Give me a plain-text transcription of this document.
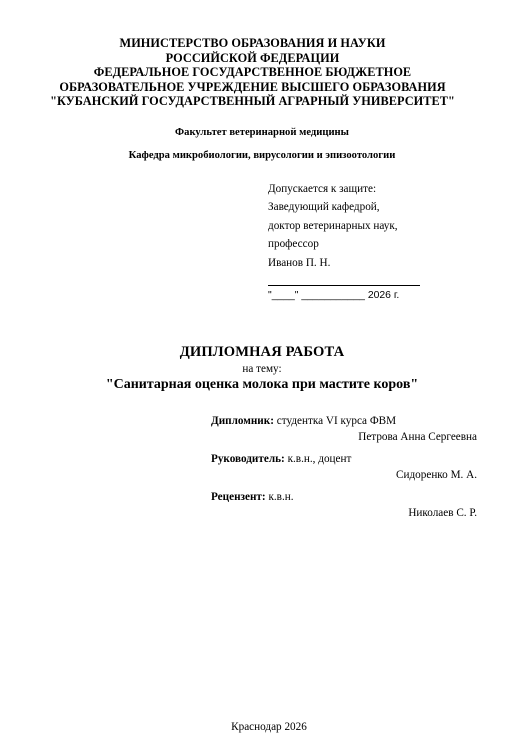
МИНИСТЕРСТВО ОБРАЗОВАНИЯ И НАУКИ
РОССИЙСКОЙ ФЕДЕРАЦИИ
ФЕДЕРАЛЬНОЕ ГОСУДАРСТВЕННОЕ БЮДЖЕТНОЕ
ОБРАЗОВАТЕЛЬНОЕ УЧРЕЖДЕНИЕ ВЫСШЕГО ОБРАЗОВАНИЯ
"КУБАНСКИЙ ГОСУДАРСТВЕННЫЙ АГРАРНЫЙ УНИВЕРСИТЕТ"
Факультет ветеринарной медицины
Кафедра микробиологии, вирусологии и эпизоотологии
Допускается к защите:
Заведующий кафедрой,
доктор ветеринарных наук,
профессор
Иванов П. Н.
"____" ___________ 2026 г.
ДИПЛОМНАЯ РАБОТА
на тему:
"Санитарная оценка молока при мастите коров"
Дипломник: студентка VI курса ФВМ
Петрова Анна Сергеевна
Руководитель: к.в.н., доцент
Сидоренко М. А.
Рецензент: к.в.н.
Николаев С. Р.
Краснодар 2026
